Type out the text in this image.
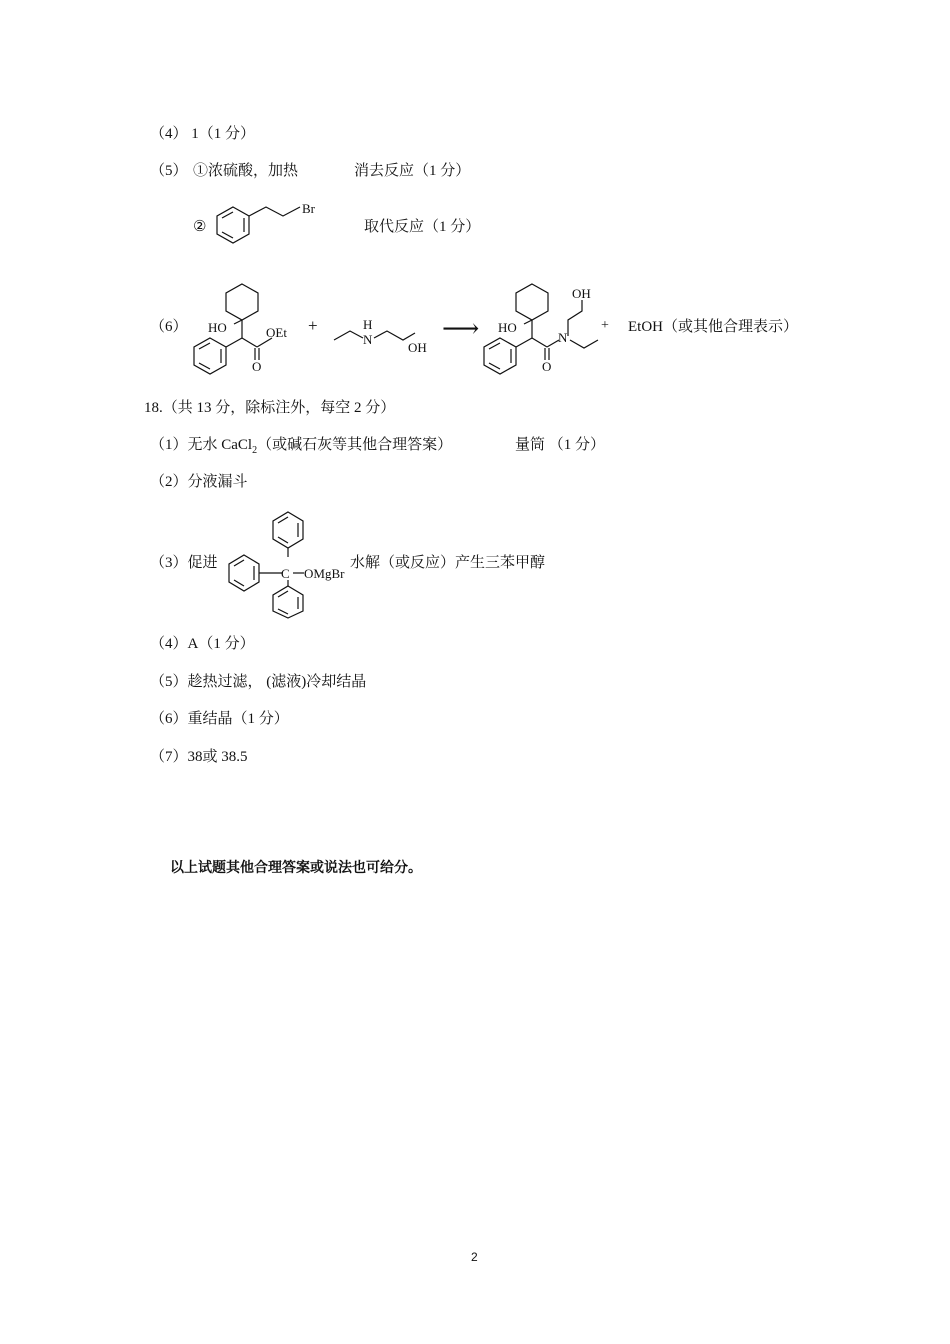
（4） 1（1 分）
（5） ①浓硫酸，加热	消去反应（1 分）
②
Br
取代反应（1 分）
（6） HO
O
OEt +	H
N
OH
⟶ HO
O
N
OH
+ EtOH（或其他合理表示）
18.（共 13 分，除标注外，每空 2 分）
（1）无水 CaCl$_2$（或碱石灰等其他合理答案）	量筒 （1 分）
（2）分液漏斗
（3）促进
C OMgBr
水解（或反应）产生三苯甲醇
（4）A（1 分）
（5）趁热过滤， (滤液)冷却结晶
（6）重结晶（1 分）
（7）38或 38.5
以上试题其他合理答案或说法也可给分。
2
